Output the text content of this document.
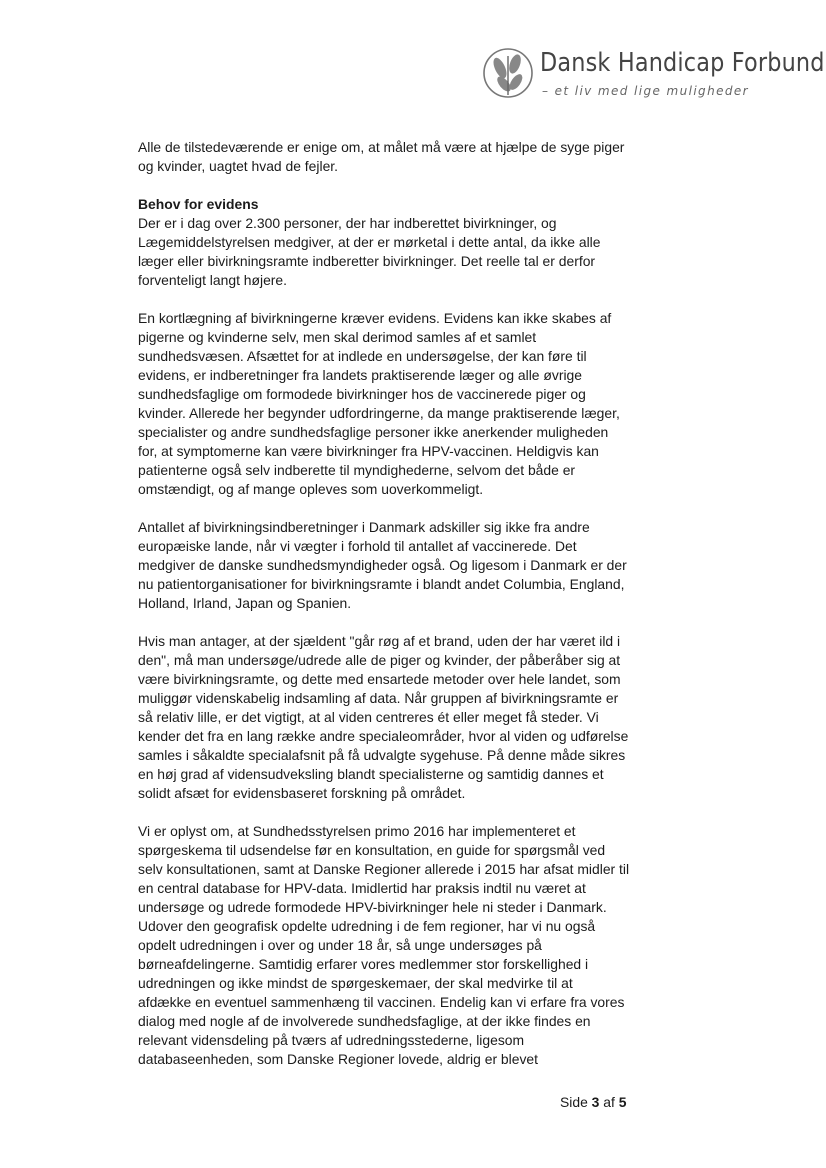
Dansk Handicap Forbund
– et liv med lige muligheder

Alle de tilstedeværende er enige om, at målet må være at hjælpe de syge piger
og kvinder, uagtet hvad de fejler.

Behov for evidens
Der er i dag over 2.300 personer, der har indberettet bivirkninger, og
Lægemiddelstyrelsen medgiver, at der er mørketal i dette antal, da ikke alle
læger eller bivirkningsramte indberetter bivirkninger. Det reelle tal er derfor
forventeligt langt højere.

En kortlægning af bivirkningerne kræver evidens. Evidens kan ikke skabes af
pigerne og kvinderne selv, men skal derimod samles af et samlet
sundhedsvæsen. Afsættet for at indlede en undersøgelse, der kan føre til
evidens, er indberetninger fra landets praktiserende læger og alle øvrige
sundhedsfaglige om formodede bivirkninger hos de vaccinerede piger og
kvinder. Allerede her begynder udfordringerne, da mange praktiserende læger,
specialister og andre sundhedsfaglige personer ikke anerkender muligheden
for, at symptomerne kan være bivirkninger fra HPV-vaccinen. Heldigvis kan
patienterne også selv indberette til myndighederne, selvom det både er
omstændigt, og af mange opleves som uoverkommeligt.

Antallet af bivirkningsindberetninger i Danmark adskiller sig ikke fra andre
europæiske lande, når vi vægter i forhold til antallet af vaccinerede. Det
medgiver de danske sundhedsmyndigheder også. Og ligesom i Danmark er der
nu patientorganisationer for bivirkningsramte i blandt andet Columbia, England,
Holland, Irland, Japan og Spanien.

Hvis man antager, at der sjældent "går røg af et brand, uden der har været ild i
den", må man undersøge/udrede alle de piger og kvinder, der påberåber sig at
være bivirkningsramte, og dette med ensartede metoder over hele landet, som
muliggør videnskabelig indsamling af data. Når gruppen af bivirkningsramte er
så relativ lille, er det vigtigt, at al viden centreres ét eller meget få steder. Vi
kender det fra en lang række andre specialeområder, hvor al viden og udførelse
samles i såkaldte specialafsnit på få udvalgte sygehuse. På denne måde sikres
en høj grad af vidensudveksling blandt specialisterne og samtidig dannes et
solidt afsæt for evidensbaseret forskning på området.

Vi er oplyst om, at Sundhedsstyrelsen primo 2016 har implementeret et
spørgeskema til udsendelse før en konsultation, en guide for spørgsmål ved
selv konsultationen, samt at Danske Regioner allerede i 2015 har afsat midler til
en central database for HPV-data. Imidlertid har praksis indtil nu været at
undersøge og udrede formodede HPV-bivirkninger hele ni steder i Danmark.
Udover den geografisk opdelte udredning i de fem regioner, har vi nu også
opdelt udredningen i over og under 18 år, så unge undersøges på
børneafdelingerne. Samtidig erfarer vores medlemmer stor forskellighed i
udredningen og ikke mindst de spørgeskemaer, der skal medvirke til at
afdække en eventuel sammenhæng til vaccinen. Endelig kan vi erfare fra vores
dialog med nogle af de involverede sundhedsfaglige, at der ikke findes en
relevant vidensdeling på tværs af udredningsstederne, ligesom
databaseenheden, som Danske Regioner lovede, aldrig er blevet

Side 3 af 5
